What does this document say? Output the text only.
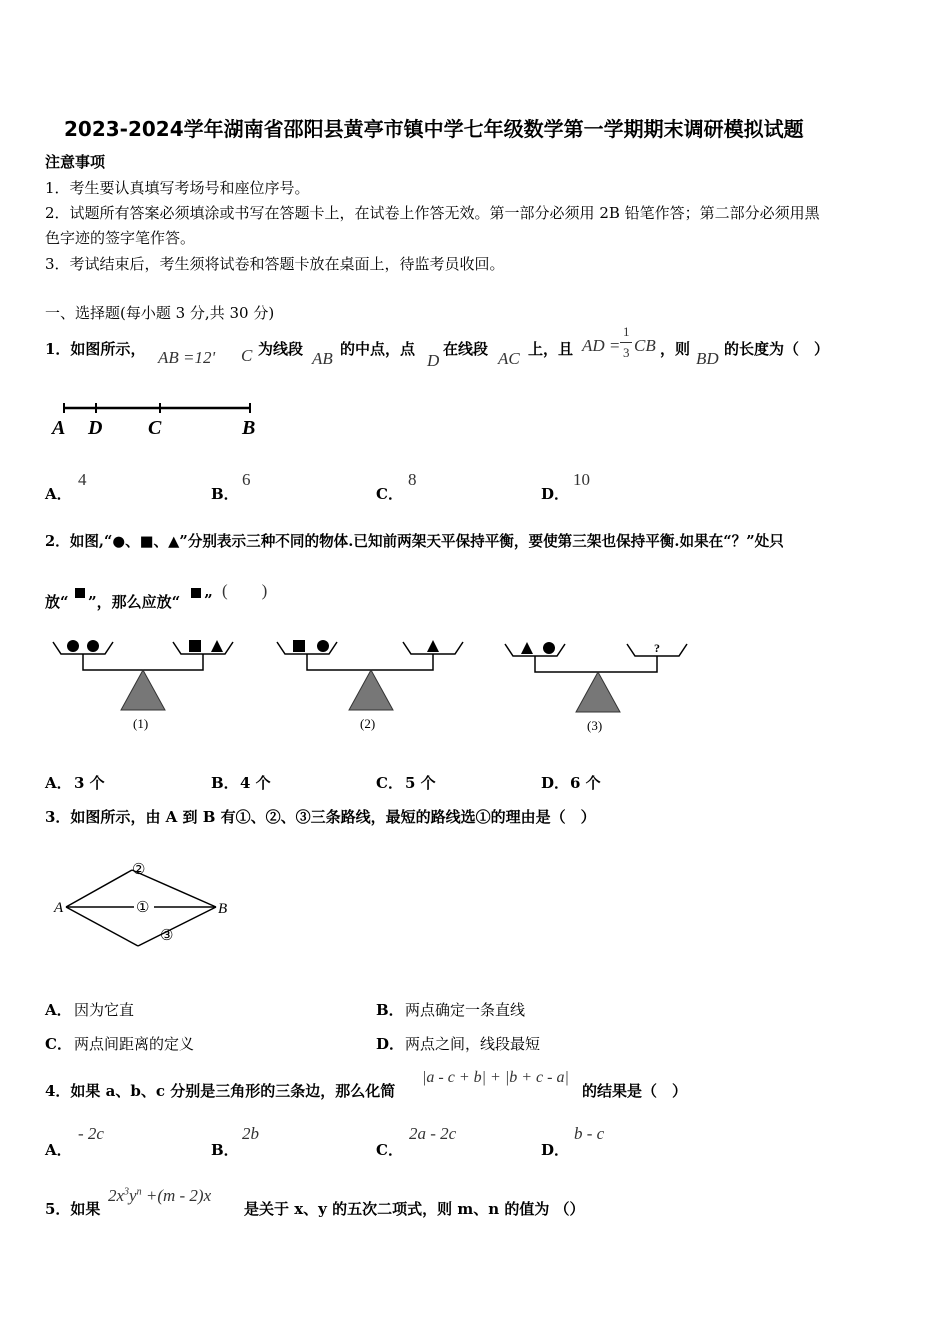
2023-2024学年湖南省邵阳县黄亭市镇中学七年级数学第一学期期末调研模拟试题
注意事项
1．考生要认真填写考场号和座位序号。
2．试题所有答案必须填涂或书写在答题卡上，在试卷上作答无效。第一部分必须用 2B 铅笔作答；第二部分必须用黑
色字迹的签字笔作答。
3．考试结束后，考生须将试卷和答题卡放在桌面上，待监考员收回。
一、选择题(每小题 3 分,共 30 分)
1．如图所示， AB =12' C 为线段 AB 的中点，点
D
在线段 AC 上，且 AD =
1
3 CB ，则 BD 的长度为（　）
A D C	B
A．
4
B．
6
C．
8
D．
10
2．如图,“●、■、▲”分别表示三种不同的物体.已知前两架天平保持平衡，要使第三架也保持平衡.如果在“？”处只
放“ ”，那么应放“ ” (　　)
(1)	(2)
?
(3)
A． 3 个	B． 4 个	C． 5 个	D． 6 个
3．如图所示，由 A 到 B 有①、②、③三条路线，最短的路线选①的理由是（　）
A	B
①
②
③
A． 因为它直	B． 两点确定一条直线
C． 两点间距离的定义	D． 两点之间，线段最短
4．如果 a、b、c 分别是三角形的三条边，那么化简
|a - c + b| + |b + c - a|
的结果是（　）
A．
- 2c
B．
2b
C．
2a - 2c
D．
b - c
5．如果
$2x^3y^n +(m - 2)x$
是关于 x、y 的五次二项式，则 m、n 的值为 （）
